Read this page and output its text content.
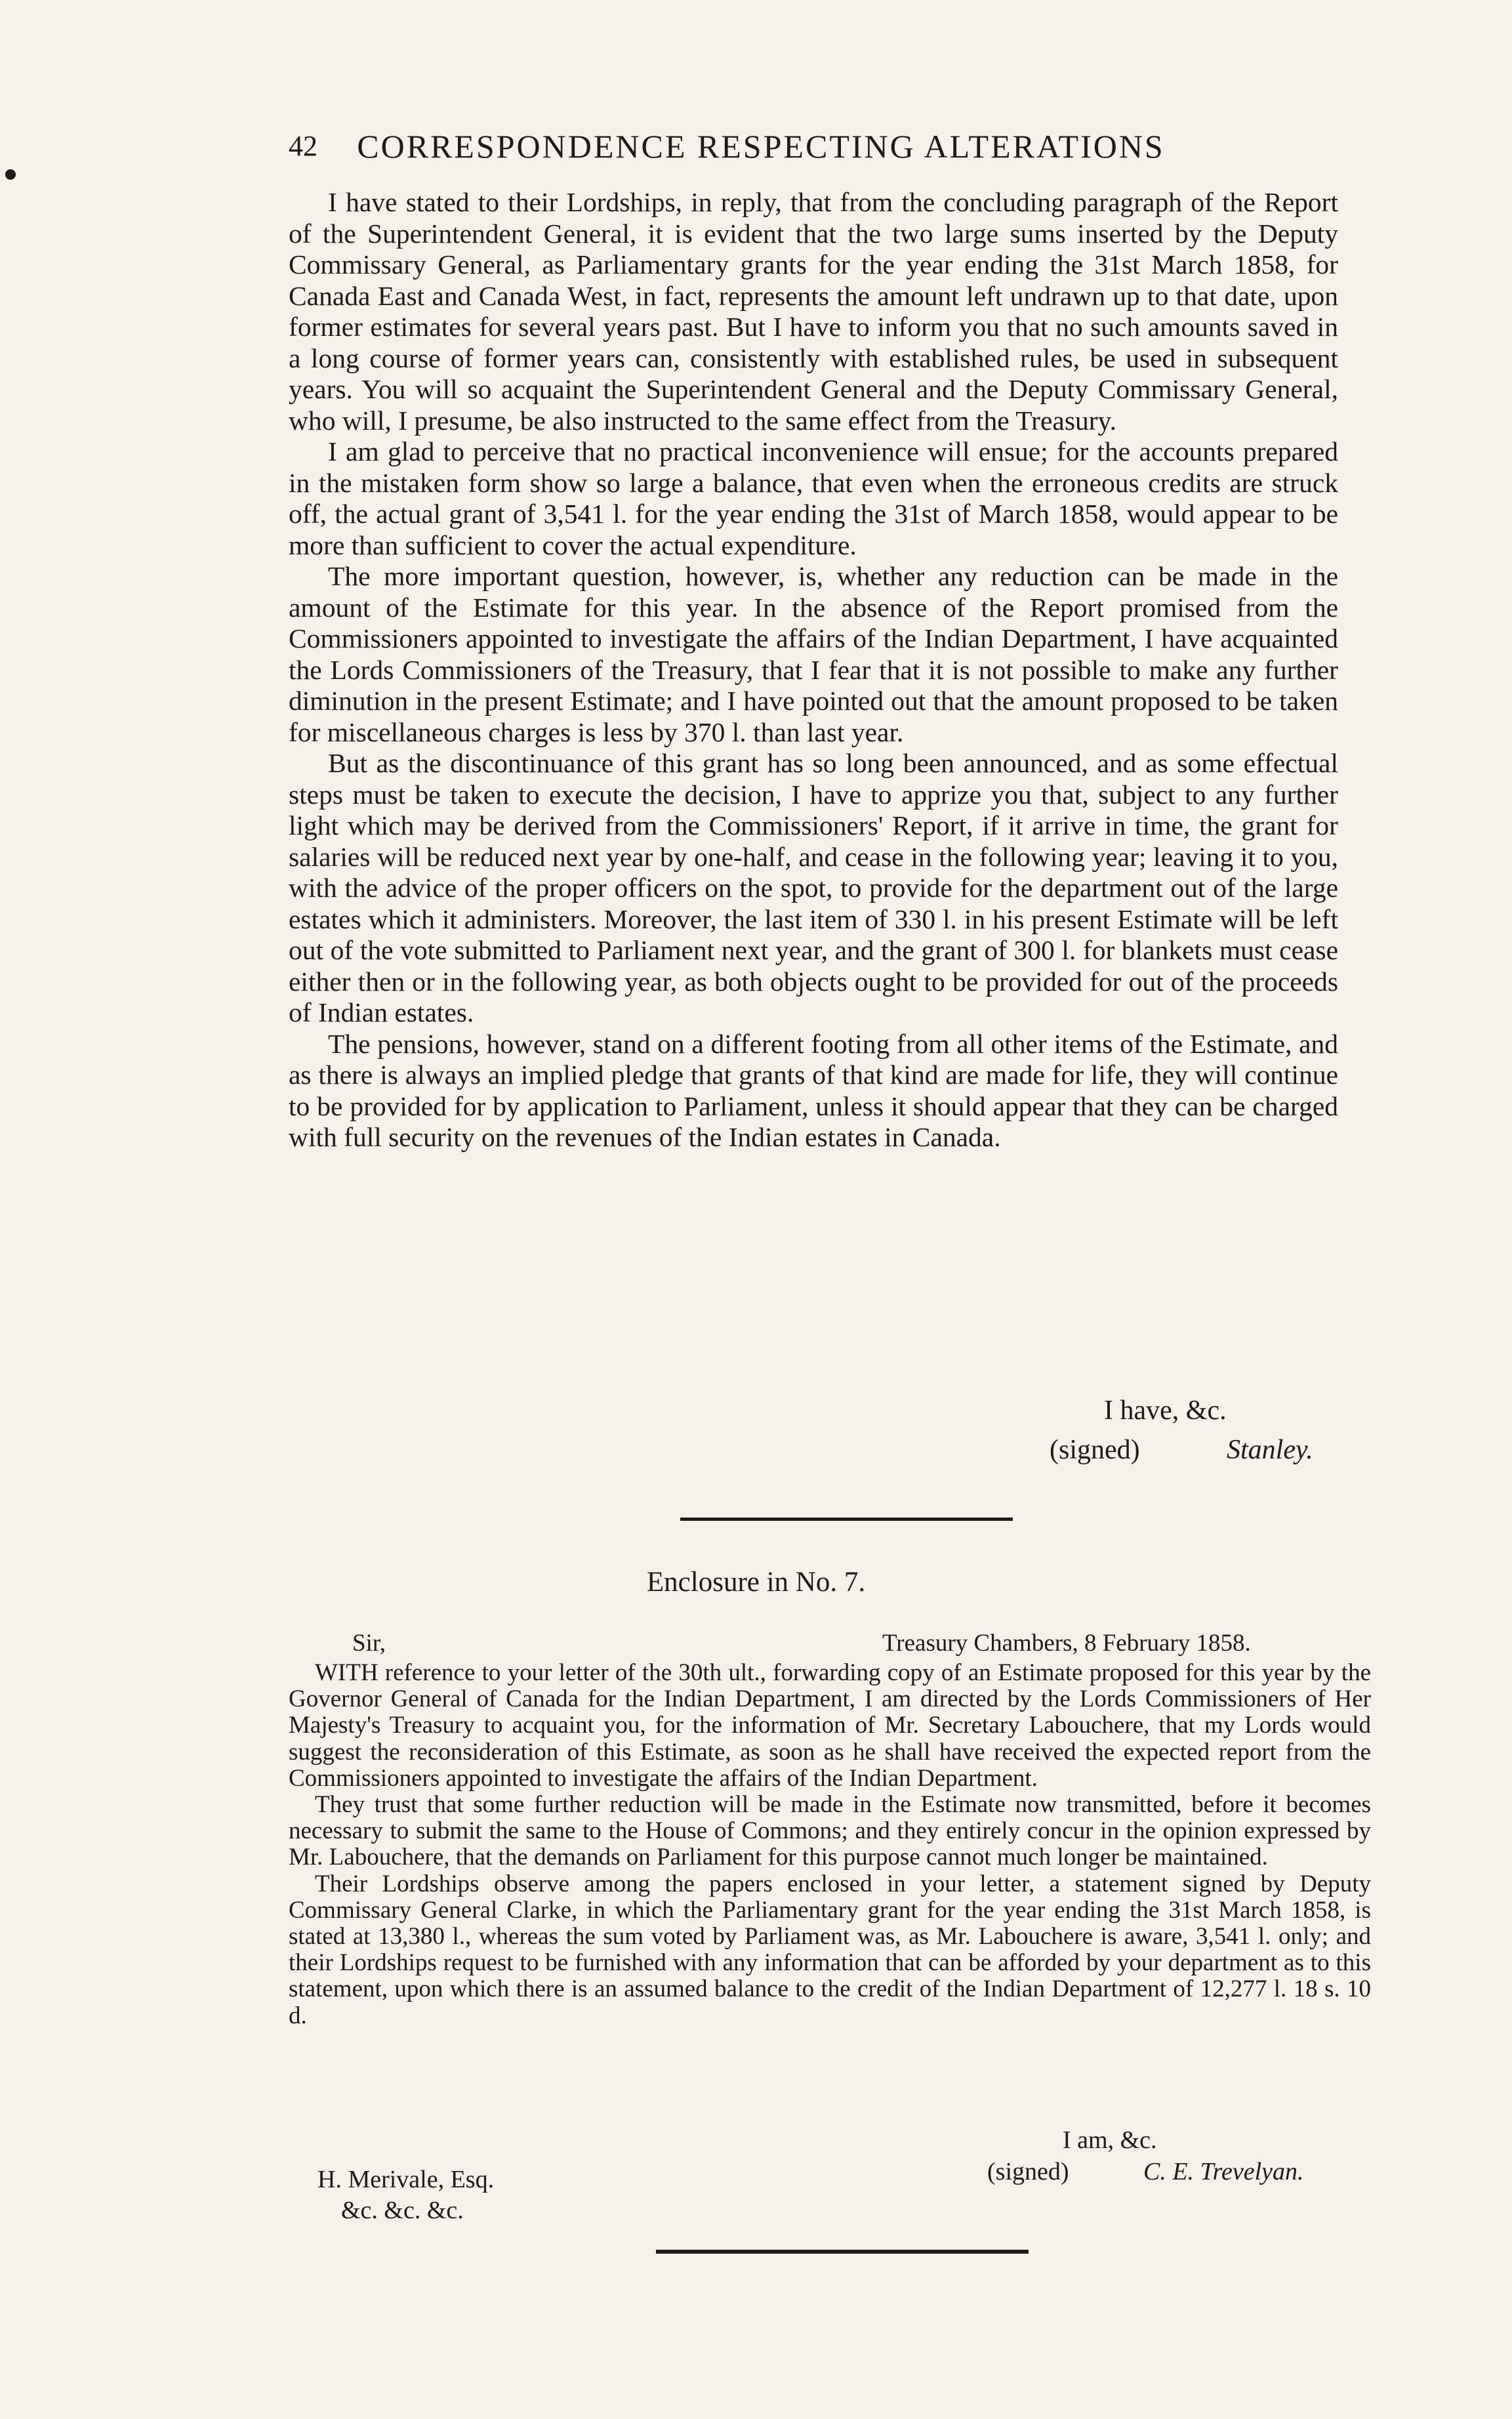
42	CORRESPONDENCE RESPECTING ALTERATIONS

I have stated to their Lordships, in reply, that from the concluding paragraph of the Report of the Superintendent General, it is evident that the two large sums inserted by the Deputy Commissary General, as Parliamentary grants for the year ending the 31st March 1858, for Canada East and Canada West, in fact, represents the amount left undrawn up to that date, upon former estimates for several years past. But I have to inform you that no such amounts saved in a long course of former years can, consistently with established rules, be used in subsequent years. You will so acquaint the Superintendent General and the Deputy Commissary General, who will, I presume, be also instructed to the same effect from the Treasury.

I am glad to perceive that no practical inconvenience will ensue; for the accounts prepared in the mistaken form show so large a balance, that even when the erroneous credits are struck off, the actual grant of 3,541 l. for the year ending the 31st of March 1858, would appear to be more than sufficient to cover the actual expenditure.

The more important question, however, is, whether any reduction can be made in the amount of the Estimate for this year. In the absence of the Report promised from the Commissioners appointed to investigate the affairs of the Indian Department, I have acquainted the Lords Commissioners of the Treasury, that I fear that it is not possible to make any further diminution in the present Estimate; and I have pointed out that the amount proposed to be taken for miscellaneous charges is less by 370 l. than last year.

But as the discontinuance of this grant has so long been announced, and as some effectual steps must be taken to execute the decision, I have to apprize you that, subject to any further light which may be derived from the Commissioners' Report, if it arrive in time, the grant for salaries will be reduced next year by one-half, and cease in the following year; leaving it to you, with the advice of the proper officers on the spot, to provide for the department out of the large estates which it administers. Moreover, the last item of 330 l. in his present Estimate will be left out of the vote submitted to Parliament next year, and the grant of 300 l. for blankets must cease either then or in the following year, as both objects ought to be provided for out of the proceeds of Indian estates.

The pensions, however, stand on a different footing from all other items of the Estimate, and as there is always an implied pledge that grants of that kind are made for life, they will continue to be provided for by application to Parliament, unless it should appear that they can be charged with full security on the revenues of the Indian estates in Canada.

I have, &c.
(signed)	Stanley.
Enclosure in No. 7.
Sir,	Treasury Chambers, 8 February 1858.

WITH reference to your letter of the 30th ult., forwarding copy of an Estimate proposed for this year by the Governor General of Canada for the Indian Department, I am directed by the Lords Commissioners of Her Majesty's Treasury to acquaint you, for the information of Mr. Secretary Labouchere, that my Lords would suggest the reconsideration of this Estimate, as soon as he shall have received the expected report from the Commissioners appointed to investigate the affairs of the Indian Department.

They trust that some further reduction will be made in the Estimate now transmitted, before it becomes necessary to submit the same to the House of Commons; and they entirely concur in the opinion expressed by Mr. Labouchere, that the demands on Parliament for this purpose cannot much longer be maintained.

Their Lordships observe among the papers enclosed in your letter, a statement signed by Deputy Commissary General Clarke, in which the Parliamentary grant for the year ending the 31st March 1858, is stated at 13,380 l., whereas the sum voted by Parliament was, as Mr. Labouchere is aware, 3,541 l. only; and their Lordships request to be furnished with any information that can be afforded by your department as to this statement, upon which there is an assumed balance to the credit of the Indian Department of 12,277 l. 18 s. 10 d.

I am, &c.
(signed)	C. E. Trevelyan.
H. Merivale, Esq.
&c. &c. &c.
